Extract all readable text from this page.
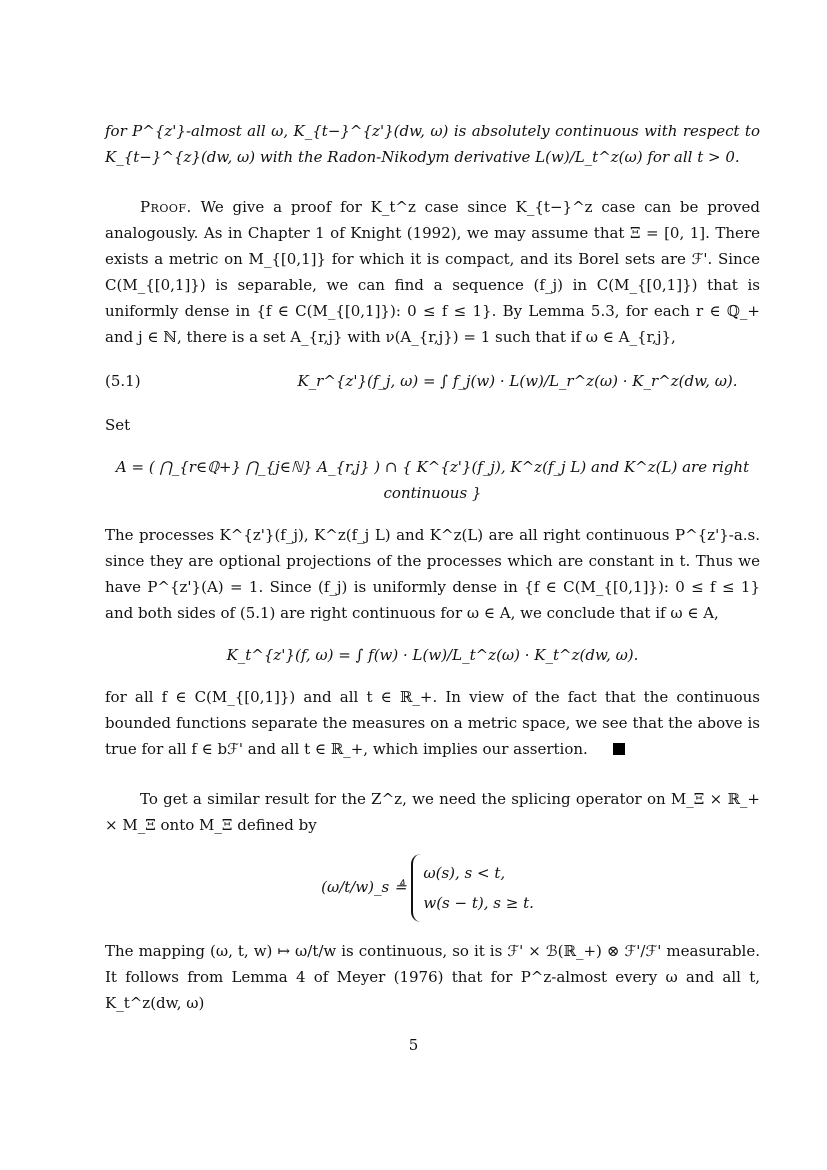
for P^{z'}-almost all ω, K_{t−}^{z'}(dw, ω) is absolutely continuous with respect to K_{t−}^{z}(dw, ω) with the Radon-Nikodym derivative L(w)/L_t^z(ω) for all t > 0.

Proof. We give a proof for K_t^z case since K_{t−}^z case can be proved analogously. As in Chapter 1 of Knight (1992), we may assume that Ξ = [0, 1]. There exists a metric on M_{[0,1]} for which it is compact, and its Borel sets are ℱ'. Since C(M_{[0,1]}) is separable, we can find a sequence (f_j) in C(M_{[0,1]}) that is uniformly dense in {f ∈ C(M_{[0,1]}): 0 ≤ f ≤ 1}. By Lemma 5.3, for each r ∈ ℚ_+ and j ∈ ℕ, there is a set A_{r,j} with ν(A_{r,j}) = 1 such that if ω ∈ A_{r,j},

(5.1)	K_r^{z'}(f_j, ω) = ∫ f_j(w) · L(w)/L_r^z(ω) · K_r^z(dw, ω).

Set

A = ( ⋂_{r∈ℚ+} ⋂_{j∈ℕ} A_{r,j} ) ∩ { K^{z'}(f_j), K^z(f_j L) and K^z(L) are right continuous }

The processes K^{z'}(f_j), K^z(f_j L) and K^z(L) are all right continuous P^{z'}-a.s. since they are optional projections of the processes which are constant in t. Thus we have P^{z'}(A) = 1. Since (f_j) is uniformly dense in {f ∈ C(M_{[0,1]}): 0 ≤ f ≤ 1} and both sides of (5.1) are right continuous for ω ∈ A, we conclude that if ω ∈ A,

K_t^{z'}(f, ω) = ∫ f(w) · L(w)/L_t^z(ω) · K_t^z(dw, ω).

for all f ∈ C(M_{[0,1]}) and all t ∈ ℝ_+. In view of the fact that the continuous bounded functions separate the measures on a metric space, we see that the above is true for all f ∈ bℱ' and all t ∈ ℝ_+, which implies our assertion.

To get a similar result for the Z^z, we need the splicing operator on M_Ξ × ℝ_+ × M_Ξ onto M_Ξ defined by

(ω/t/w)_s ≜ ω(s), s < t,
w(s − t), s ≥ t.

The mapping (ω, t, w) ↦ ω/t/w is continuous, so it is ℱ' × ℬ(ℝ_+) ⊗ ℱ'/ℱ' measurable. It follows from Lemma 4 of Meyer (1976) that for P^z-almost every ω and all t, K_t^z(dw, ω)

5
